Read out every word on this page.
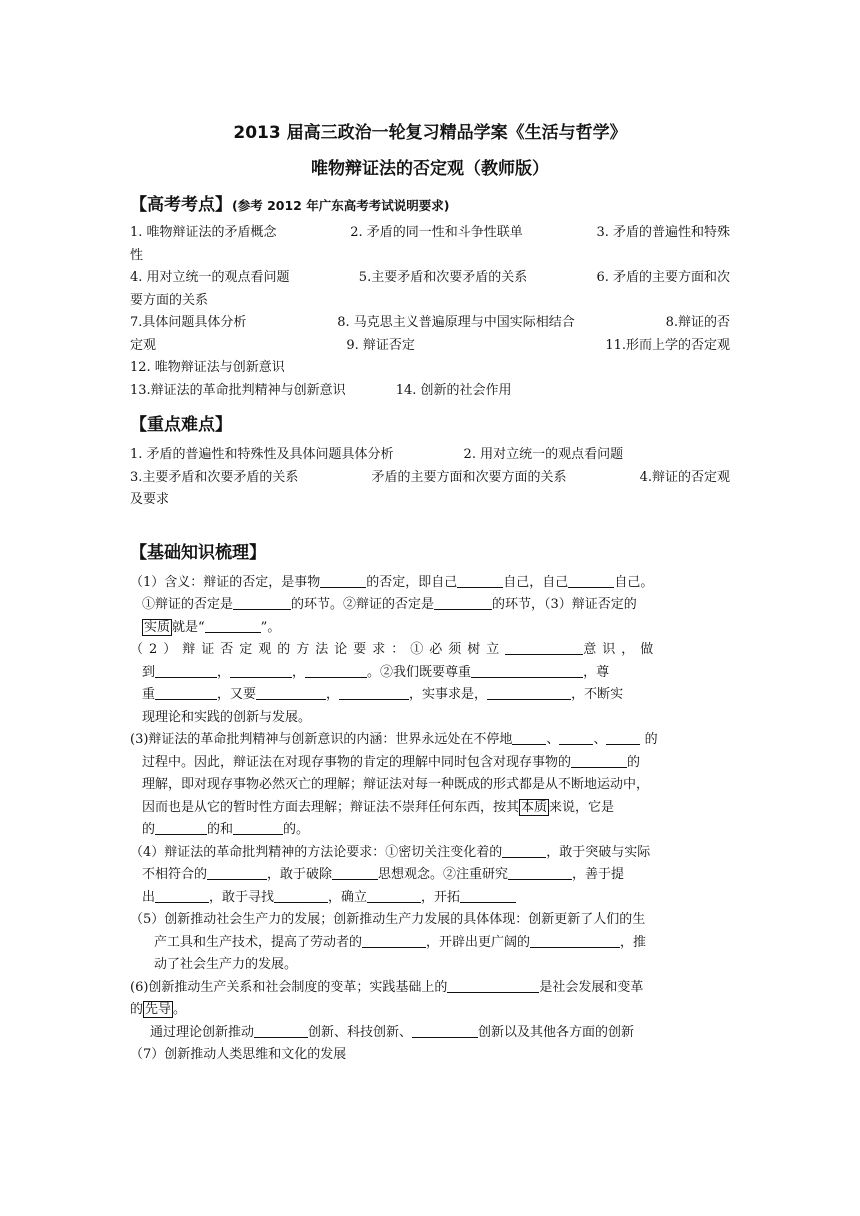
2013 届高三政治一轮复习精品学案《生活与哲学》
唯物辩证法的否定观（教师版）
【高考考点】(参考 2012 年广东高考考试说明要求)
1. 唯物辩证法的矛盾概念	2. 矛盾的同一性和斗争性联单	3. 矛盾的普遍性和特殊
性
4. 用对立统一的观点看问题	5.主要矛盾和次要矛盾的关系	6. 矛盾的主要方面和次
要方面的关系
7.具体问题具体分析	8. 马克思主义普遍原理与中国实际相结合	8.辩证的否
定观	9. 辩证否定	11.形而上学的否定观
12. 唯物辩证法与创新意识
13.辩证法的革命批判精神与创新意识	14. 创新的社会作用
【重点难点】
1. 矛盾的普遍性和特殊性及具体问题具体分析	2. 用对立统一的观点看问题
3.主要矛盾和次要矛盾的关系	矛盾的主要方面和次要方面的关系	4.辩证的否定观
及要求
【基础知识梳理】
（1）含义：辩证的否定，是事物	的否定，即自己	自己，自己	自己。
①辩证的否定是	的环节。②辩证的否定是	的环节，（3）辩证否定的
实质 就是“	”。
（2）辩证否定观的方法论要求：①必须树立	意识，做
到	，	，	。②我们既要尊重	，尊
重	，又要	，	，实事求是，	，不断实
现理论和实践的创新与发展。
(3)辩证法的革命批判精神与创新意识的内涵：世界永远处在不停地	、	、	的
过程中。因此，辩证法在对现存事物的肯定的理解中同时包含对现存事物的	的
理解，即对现存事物必然灭亡的理解；辩证法对每一种既成的形式都是从不断地运动中，
因而也是从它的暂时性方面去理解；辩证法不崇拜任何东西，按其 本质 来说，它是
的	的和	的。
（4）辩证法的革命批判精神的方法论要求：①密切关注变化着的	，敢于突破与实际
不相符合的	，敢于破除	思想观念。②注重研究	，善于提
出	，敢于寻找	，确立	，开拓
（5）创新推动社会生产力的发展；创新推动生产力发展的具体体现：创新更新了人们的生
产工具和生产技术，提高了劳动者的	，开辟出更广阔的	，推
动了社会生产力的发展。
(6)创新推动生产关系和社会制度的变革；实践基础上的	是社会发展和变革
的 先导 。
通过理论创新推动	创新、科技创新、	创新以及其他各方面的创新
（7）创新推动人类思维和文化的发展
